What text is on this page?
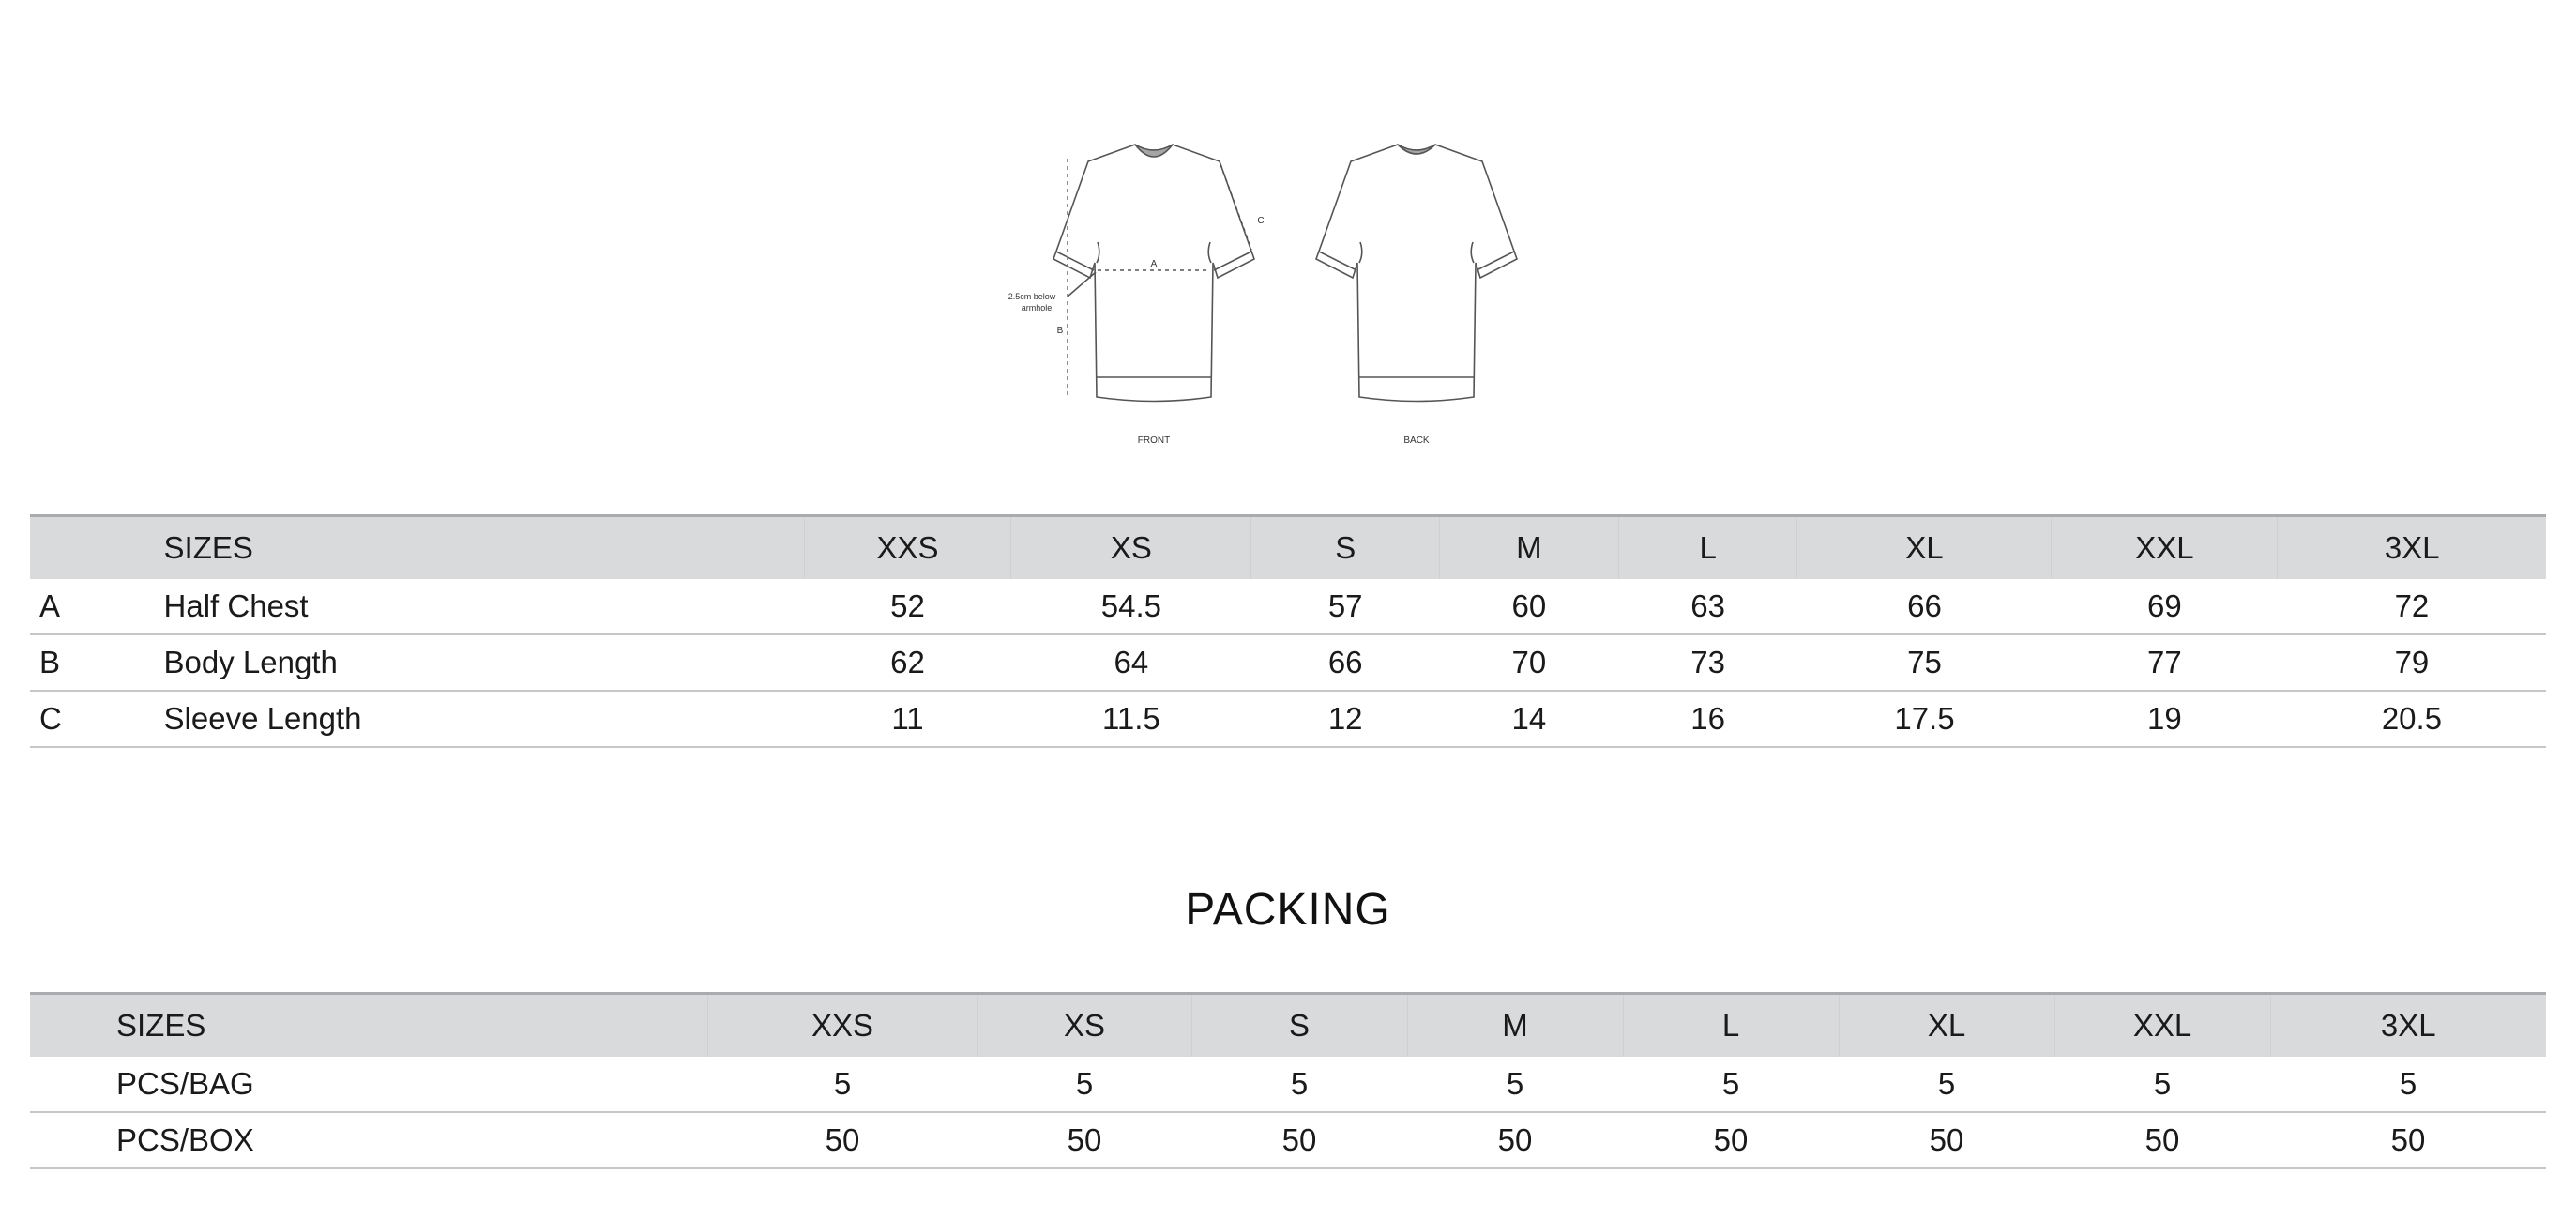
A
B
C
2.5cm below
armhole
FRONT	BACK
	SIZES	XXS	XS	S	M	L	XL	XXL	3XL
A	Half Chest	52	54.5	57	60	63	66	69	72
B	Body Length	62	64	66	70	73	75	77	79
C	Sleeve Length	11	11.5	12	14	16	17.5	19	20.5
PACKING
	SIZES	XXS	XS	S	M	L	XL	XXL	3XL
	PCS/BAG	5	5	5	5	5	5	5	5
	PCS/BOX	50	50	50	50	50	50	50	50
